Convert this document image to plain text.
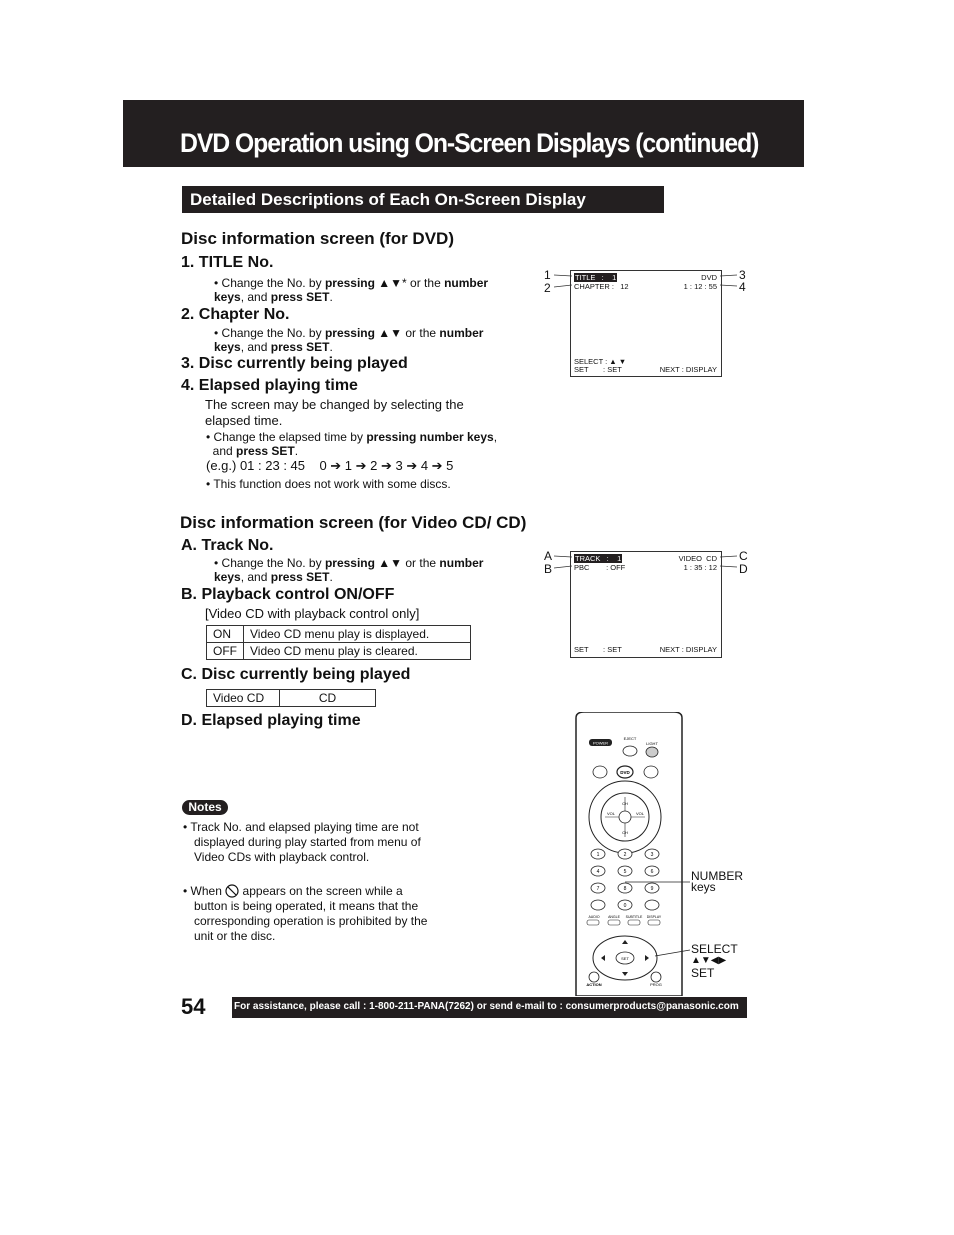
DVD Operation using On-Screen Displays (continued)
Detailed Descriptions of Each On-Screen Display
Disc information screen (for DVD)
1. TITLE No.
• Change the No. by pressing ▲▼* or the number
keys, and press SET.
2. Chapter No.
• Change the No. by pressing ▲▼ or the number
keys, and press SET.
3. Disc currently being played
4. Elapsed playing time
The screen may be changed by selecting the elapsed time.
• Change the elapsed time by pressing number keys,
and press SET.
(e.g.) 01 : 23 : 45    0 ➔ 1 ➔ 2 ➔ 3 ➔ 4 ➔ 5
• This function does not work with some discs.
TITLE   :    1
CHAPTER :   12
DVD
1 : 12 : 55
SELECT : ▲ ▼
SET       : SET	NEXT : DISPLAY
1
2
3
4
Disc information screen (for Video CD/ CD)
A. Track No.
• Change the No. by pressing ▲▼ or the number
keys, and press SET.
B. Playback control ON/OFF
[Video CD with playback control only]
ON	Video CD menu play is displayed.
OFF	Video CD menu play is cleared.
C. Disc currently being played
Video CD	CD
D. Elapsed playing time
TRACK   :    1
PBC        : OFF
VIDEO  CD
1 : 35 : 12
SET       : SET	NEXT : DISPLAY
A
B
C
D
Notes
• Track No. and elapsed playing time are not displayed during play started from menu of Video CDs with playback control.
• When  appears on the screen while a button is being operated, it means that the corresponding operation is prohibited by the unit or the disc.
POWER
EJECT
LIGHT
DVD
CH
CH
VOL	VOL
1	2	3
4	5	6
7	8	9
0
AUDIO ANGLE SUBTITLE DISPLAY
SET
ACTION	PROG
NUMBER
keys
SELECT
▲▼◀▶
SET
54	For assistance, please call : 1-800-211-PANA(7262) or send e-mail to : consumerproducts@panasonic.com
